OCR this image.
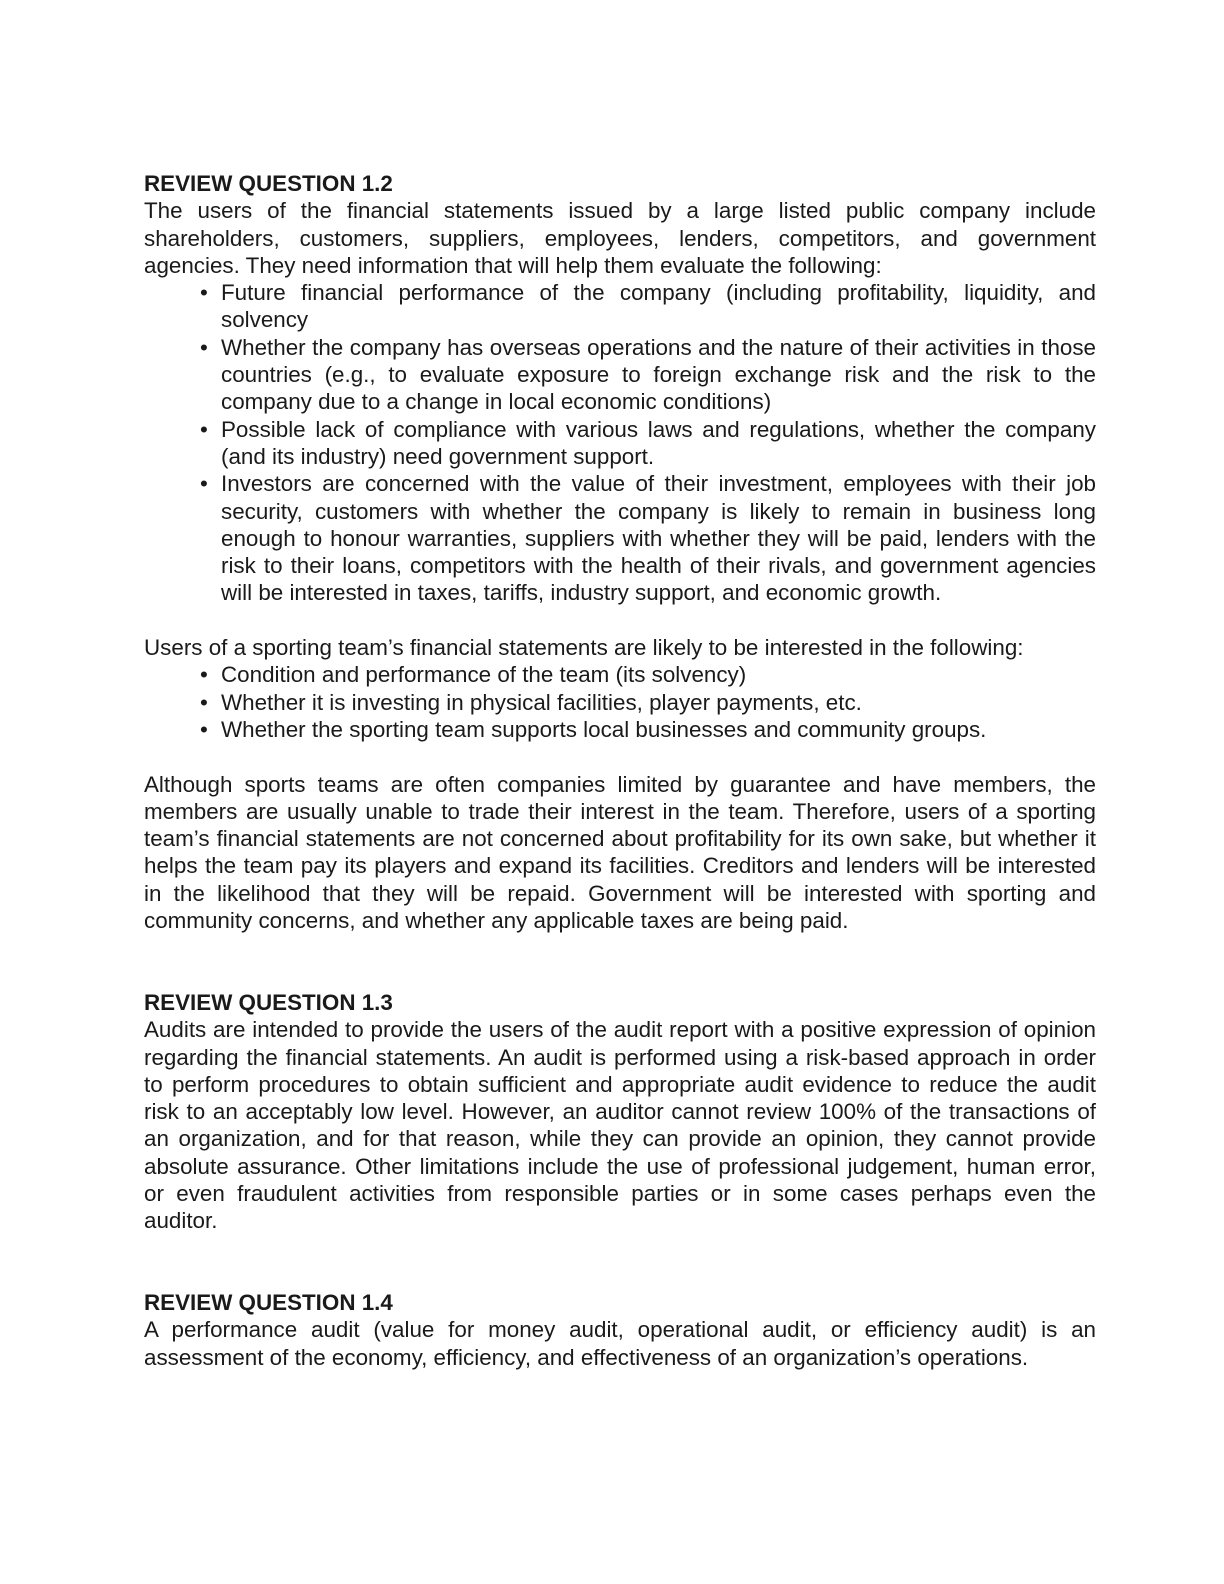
REVIEW QUESTION 1.2

The users of the financial statements issued by a large listed public company include shareholders, customers, suppliers, employees, lenders, competitors, and government agencies. They need information that will help them evaluate the following:

• Future financial performance of the company (including profitability, liquidity, and solvency
• Whether the company has overseas operations and the nature of their activities in those countries (e.g., to evaluate exposure to foreign exchange risk and the risk to the company due to a change in local economic conditions)
• Possible lack of compliance with various laws and regulations, whether the company (and its industry) need government support.
• Investors are concerned with the value of their investment, employees with their job security, customers with whether the company is likely to remain in business long enough to honour warranties, suppliers with whether they will be paid, lenders with the risk to their loans, competitors with the health of their rivals, and government agencies will be interested in taxes, tariffs, industry support, and economic growth.

Users of a sporting team’s financial statements are likely to be interested in the following:

• Condition and performance of the team (its solvency)
• Whether it is investing in physical facilities, player payments, etc.
• Whether the sporting team supports local businesses and community groups.

Although sports teams are often companies limited by guarantee and have members, the members are usually unable to trade their interest in the team. Therefore, users of a sporting team’s financial statements are not concerned about profitability for its own sake, but whether it helps the team pay its players and expand its facilities. Creditors and lenders will be interested in the likelihood that they will be repaid. Government will be interested with sporting and community concerns, and whether any applicable taxes are being paid.

REVIEW QUESTION 1.3

Audits are intended to provide the users of the audit report with a positive expression of opinion regarding the financial statements. An audit is performed using a risk-based approach in order to perform procedures to obtain sufficient and appropriate audit evidence to reduce the audit risk to an acceptably low level. However, an auditor cannot review 100% of the transactions of an organization, and for that reason, while they can provide an opinion, they cannot provide absolute assurance. Other limitations include the use of professional judgement, human error, or even fraudulent activities from responsible parties or in some cases perhaps even the auditor.

REVIEW QUESTION 1.4

A performance audit (value for money audit, operational audit, or efficiency audit) is an assessment of the economy, efficiency, and effectiveness of an organization’s operations.
